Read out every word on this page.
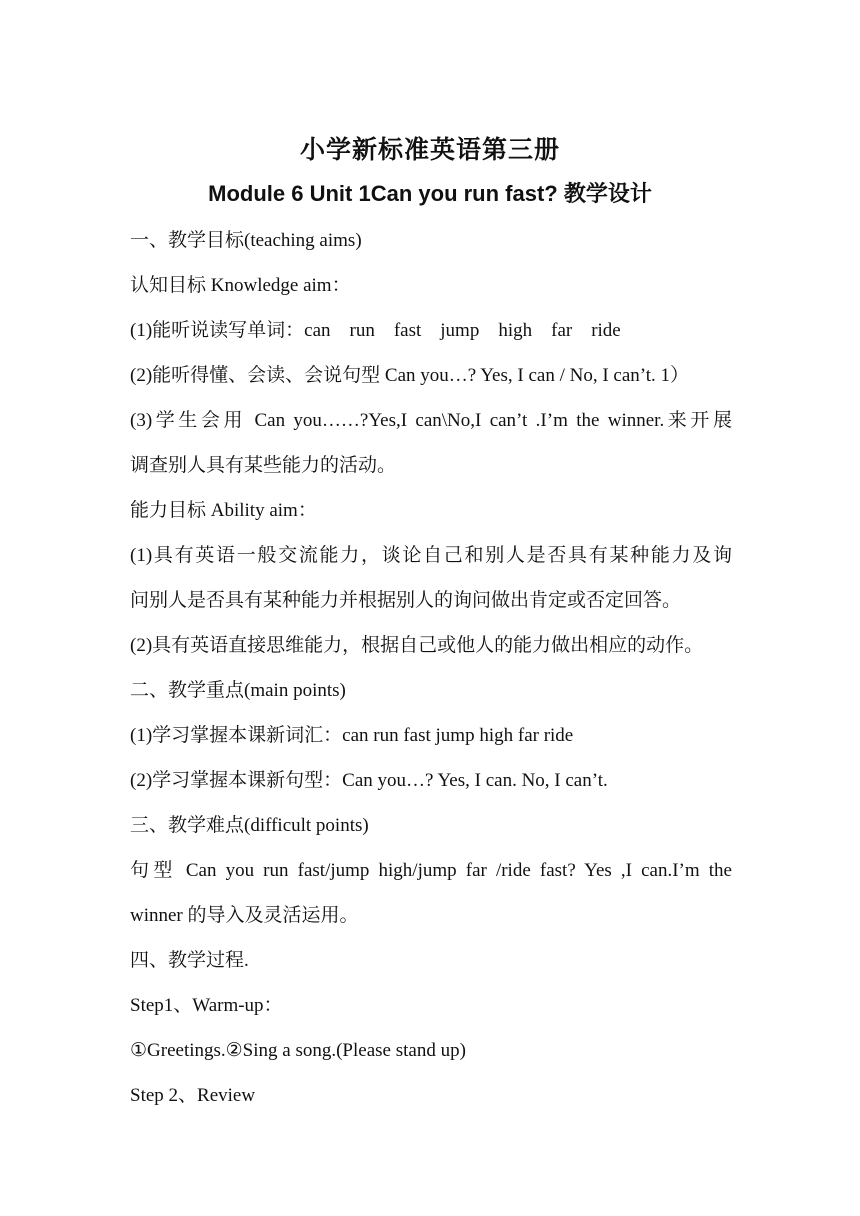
小学新标准英语第三册
Module 6 Unit 1Can you run fast? 教学设计
一、教学目标(teaching aims)
认知目标 Knowledge aim：
(1)能听说读写单词：can    run    fast    jump    high    far    ride
(2)能听得懂、会读、会说句型 Can you…? Yes, I can / No, I can’t. 1）
(3)学生会用 Can you……?Yes,I can\No,I can’t .I’m the winner.来开展
调查别人具有某些能力的活动。
能力目标 Ability aim：
(1)具有英语一般交流能力，谈论自己和别人是否具有某种能力及询
问别人是否具有某种能力并根据别人的询问做出肯定或否定回答。
(2)具有英语直接思维能力，根据自己或他人的能力做出相应的动作。
二、教学重点(main points)
(1)学习掌握本课新词汇：can run fast jump high far ride
(2)学习掌握本课新句型：Can you…? Yes, I can. No, I can’t.
三、教学难点(difficult points)
句型 Can you run fast/jump high/jump far /ride fast? Yes ,I can.I’m the
winner 的导入及灵活运用。
四、教学过程.
Step1、Warm-up：
①Greetings.②Sing a song.(Please stand up)
Step 2、Review
